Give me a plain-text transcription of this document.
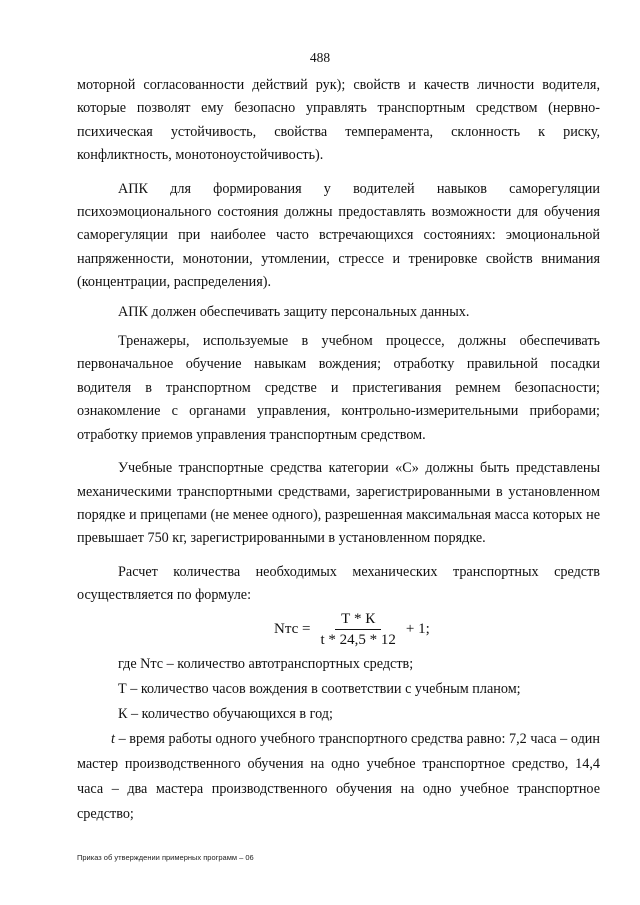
488

моторной согласованности действий рук); свойств и качеств личности водителя, которые позволят ему безопасно управлять транспортным средством (нервно-психическая устойчивость, свойства темперамента, склонность к риску, конфликтность, монотоноустойчивость).

АПК для формирования у водителей навыков саморегуляции психоэмоционального состояния должны предоставлять возможности для обучения саморегуляции при наиболее часто встречающихся состояниях: эмоциональной напряженности, монотонии, утомлении, стрессе и тренировке свойств внимания (концентрации, распределения).

АПК должен обеспечивать защиту персональных данных.

Тренажеры, используемые в учебном процессе, должны обеспечивать первоначальное обучение навыкам вождения; отработку правильной посадки водителя в транспортном средстве и пристегивания ремнем безопасности; ознакомление с органами управления, контрольно-измерительными приборами; отработку приемов управления транспортным средством.

Учебные транспортные средства категории «С» должны быть представлены механическими транспортными средствами, зарегистрированными в установленном порядке и прицепами (не менее одного), разрешенная максимальная масса которых не превышает 750 кг, зарегистрированными в установленном порядке.

Расчет количества необходимых механических транспортных средств осуществляется по формуле:

Nтс = $\frac{Т * К}{t * 24,5 * 12} + 1$;

где Nтс – количество автотранспортных средств;

Т – количество часов вождения в соответствии с учебным планом;

К – количество обучающихся в год;

t – время работы одного учебного транспортного средства равно: 7,2 часа – один мастер производственного обучения на одно учебное транспортное средство, 14,4 часа – два мастера производственного обучения на одно учебное транспортное средство;

Приказ об утверждении примерных программ – 06
